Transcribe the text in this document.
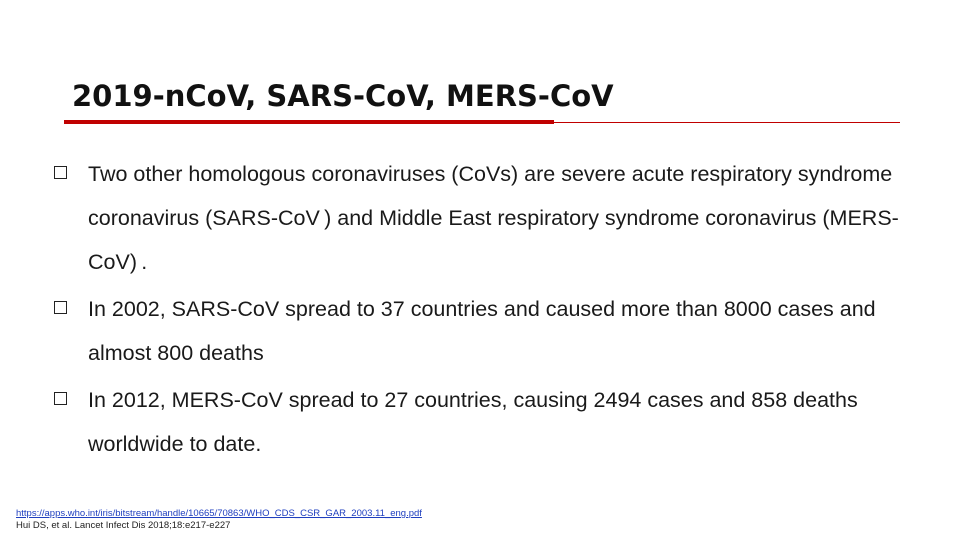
2019-nCoV, SARS-CoV, MERS-CoV
Two other homologous coronaviruses (CoVs) are severe acute respiratory syndrome coronavirus (SARS-CoV ) and Middle East respiratory syndrome coronavirus (MERS-CoV) .
In 2002, SARS-CoV spread to 37 countries and caused more than 8000 cases and almost 800 deaths
In 2012, MERS-CoV spread to 27 countries, causing 2494 cases and 858 deaths worldwide to date.
https://apps.who.int/iris/bitstream/handle/10665/70863/WHO_CDS_CSR_GAR_2003.11_eng.pdf
Hui DS, et al. Lancet Infect Dis 2018;18:e217-e227
